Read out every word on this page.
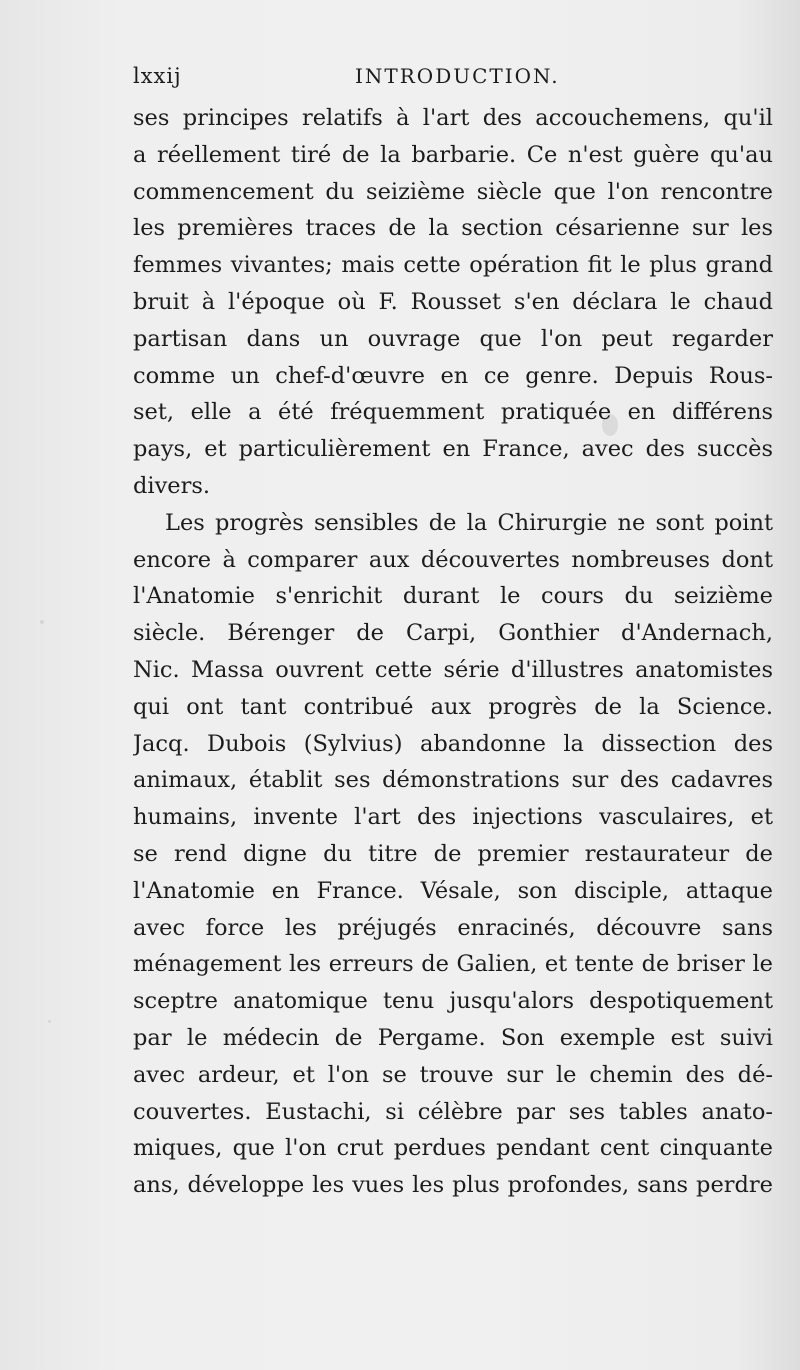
lxxij	INTRODUCTION.
ses principes relatifs à l'art des accouchemens, qu'il
a réellement tiré de la barbarie. Ce n'est guère qu'au
commencement du seizième siècle que l'on rencontre
les premières traces de la section césarienne sur les
femmes vivantes; mais cette opération fit le plus grand
bruit à l'époque où F. Rousset s'en déclara le chaud
partisan dans un ouvrage que l'on peut regarder
comme un chef-d'œuvre en ce genre. Depuis Rous-
set, elle a été fréquemment pratiquée en différens
pays, et particulièrement en France, avec des succès
divers.
Les progrès sensibles de la Chirurgie ne sont point
encore à comparer aux découvertes nombreuses dont
l'Anatomie s'enrichit durant le cours du seizième
siècle. Bérenger de Carpi, Gonthier d'Andernach,
Nic. Massa ouvrent cette série d'illustres anatomistes
qui ont tant contribué aux progrès de la Science.
Jacq. Dubois (Sylvius) abandonne la dissection des
animaux, établit ses démonstrations sur des cadavres
humains, invente l'art des injections vasculaires, et
se rend digne du titre de premier restaurateur de
l'Anatomie en France. Vésale, son disciple, attaque
avec force les préjugés enracinés, découvre sans
ménagement les erreurs de Galien, et tente de briser le
sceptre anatomique tenu jusqu'alors despotiquement
par le médecin de Pergame. Son exemple est suivi
avec ardeur, et l'on se trouve sur le chemin des dé-
couvertes. Eustachi, si célèbre par ses tables anato-
miques, que l'on crut perdues pendant cent cinquante
ans, développe les vues les plus profondes, sans perdre
